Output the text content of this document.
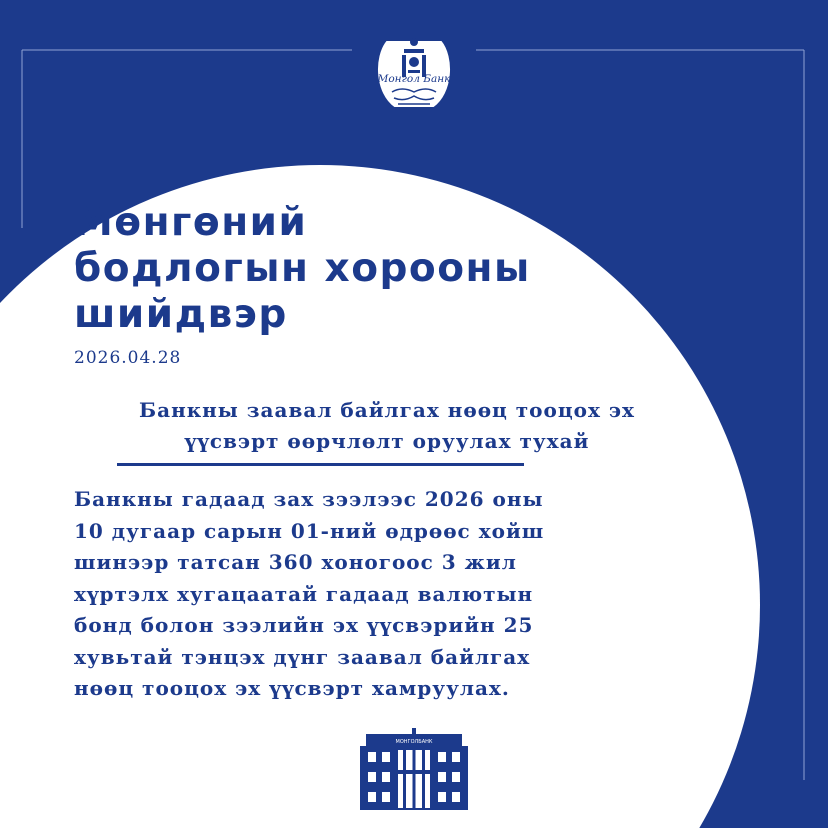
Монгол Банк
Мөнгөний
бодлогын хорооны
шийдвэр
2026.04.28
Банкны заавал байлгах нөөц тооцох эх
үүсвэрт өөрчлөлт оруулах тухай
Банкны гадаад зах зээлээс 2026 оны
10 дугаар сарын 01-ний өдрөөс хойш
шинээр татсан 360 хоногоос 3 жил
хүртэлх хугацаатай гадаад валютын
бонд болон зээлийн эх үүсвэрийн 25
хувьтай тэнцэх дүнг заавал байлгах
нөөц тооцох эх үүсвэрт хамруулах.
МОНГОЛБАНК
